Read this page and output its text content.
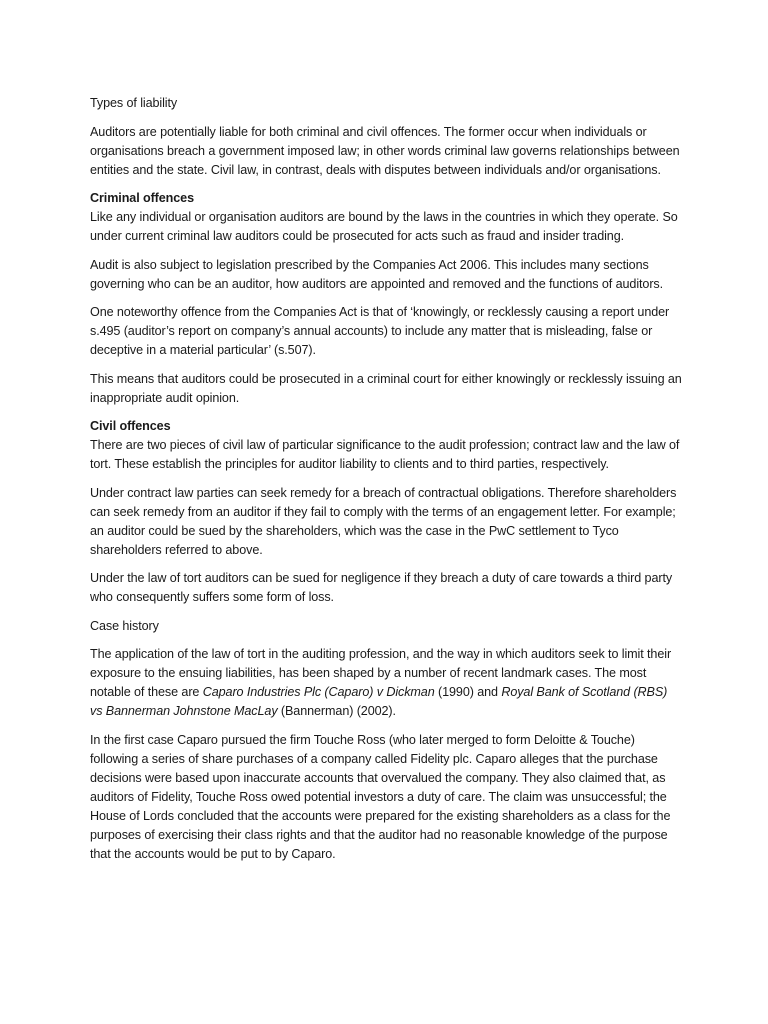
Types of liability

Auditors are potentially liable for both criminal and civil offences. The former occur when individuals or organisations breach a government imposed law; in other words criminal law governs relationships between entities and the state. Civil law, in contrast, deals with disputes between individuals and/or organisations.

Criminal offences

Like any individual or organisation auditors are bound by the laws in the countries in which they operate. So under current criminal law auditors could be prosecuted for acts such as fraud and insider trading.

Audit is also subject to legislation prescribed by the Companies Act 2006. This includes many sections governing who can be an auditor, how auditors are appointed and removed and the functions of auditors.

One noteworthy offence from the Companies Act is that of ‘knowingly, or recklessly causing a report under s.495 (auditor’s report on company’s annual accounts) to include any matter that is misleading, false or deceptive in a material particular’ (s.507).

This means that auditors could be prosecuted in a criminal court for either knowingly or recklessly issuing an inappropriate audit opinion.

Civil offences

There are two pieces of civil law of particular significance to the audit profession; contract law and the law of tort. These establish the principles for auditor liability to clients and to third parties, respectively.

Under contract law parties can seek remedy for a breach of contractual obligations. Therefore shareholders can seek remedy from an auditor if they fail to comply with the terms of an engagement letter. For example; an auditor could be sued by the shareholders, which was the case in the PwC settlement to Tyco shareholders referred to above.

Under the law of tort auditors can be sued for negligence if they breach a duty of care towards a third party who consequently suffers some form of loss.

Case history

The application of the law of tort in the auditing profession, and the way in which auditors seek to limit their exposure to the ensuing liabilities, has been shaped by a number of recent landmark cases. The most notable of these are Caparo Industries Plc (Caparo) v Dickman (1990) and Royal Bank of Scotland (RBS) vs Bannerman Johnstone MacLay (Bannerman) (2002).

In the first case Caparo pursued the firm Touche Ross (who later merged to form Deloitte & Touche) following a series of share purchases of a company called Fidelity plc. Caparo alleges that the purchase decisions were based upon inaccurate accounts that overvalued the company. They also claimed that, as auditors of Fidelity, Touche Ross owed potential investors a duty of care. The claim was unsuccessful; the House of Lords concluded that the accounts were prepared for the existing shareholders as a class for the purposes of exercising their class rights and that the auditor had no reasonable knowledge of the purpose that the accounts would be put to by Caparo.
